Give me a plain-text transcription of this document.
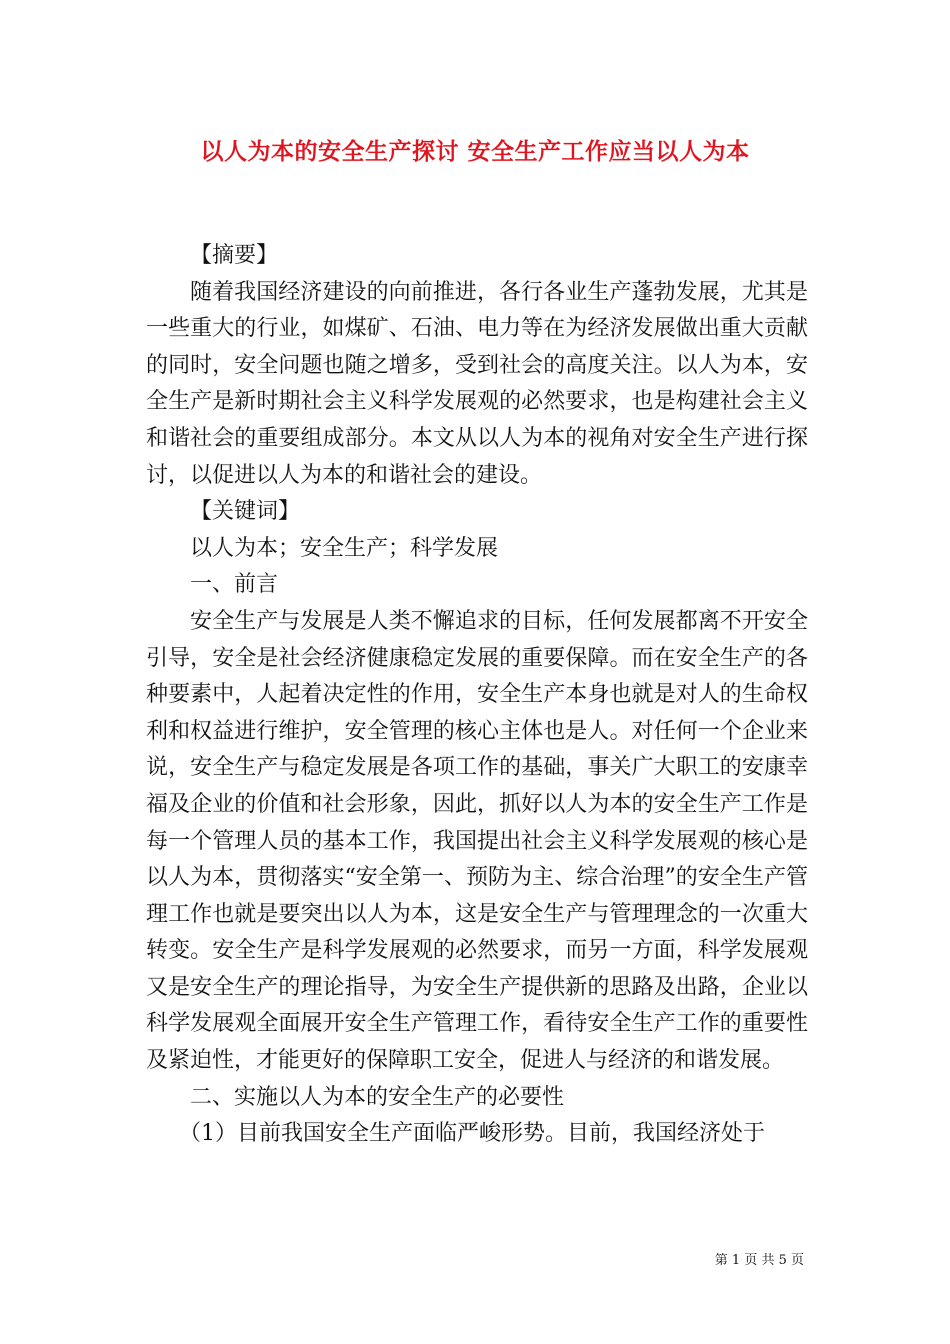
以人为本的安全生产探讨 安全生产工作应当以人为本

【摘要】

随着我国经济建设的向前推进，各行各业生产蓬勃发展，尤其是一些重大的行业，如煤矿、石油、电力等在为经济发展做出重大贡献的同时，安全问题也随之增多，受到社会的高度关注。以人为本，安全生产是新时期社会主义科学发展观的必然要求，也是构建社会主义和谐社会的重要组成部分。本文从以人为本的视角对安全生产进行探讨，以促进以人为本的和谐社会的建设。

【关键词】

以人为本；安全生产；科学发展

一、前言

安全生产与发展是人类不懈追求的目标，任何发展都离不开安全引导，安全是社会经济健康稳定发展的重要保障。而在安全生产的各种要素中，人起着决定性的作用，安全生产本身也就是对人的生命权利和权益进行维护，安全管理的核心主体也是人。对任何一个企业来说，安全生产与稳定发展是各项工作的基础，事关广大职工的安康幸福及企业的价值和社会形象，因此，抓好以人为本的安全生产工作是每一个管理人员的基本工作，我国提出社会主义科学发展观的核心是以人为本，贯彻落实“安全第一、预防为主、综合治理”的安全生产管理工作也就是要突出以人为本，这是安全生产与管理理念的一次重大转变。安全生产是科学发展观的必然要求，而另一方面，科学发展观又是安全生产的理论指导，为安全生产提供新的思路及出路，企业以科学发展观全面展开安全生产管理工作，看待安全生产工作的重要性及紧迫性，才能更好的保障职工安全，促进人与经济的和谐发展。

二、实施以人为本的安全生产的必要性

（1）目前我国安全生产面临严峻形势。目前，我国经济处于

第 1 页 共 5 页
